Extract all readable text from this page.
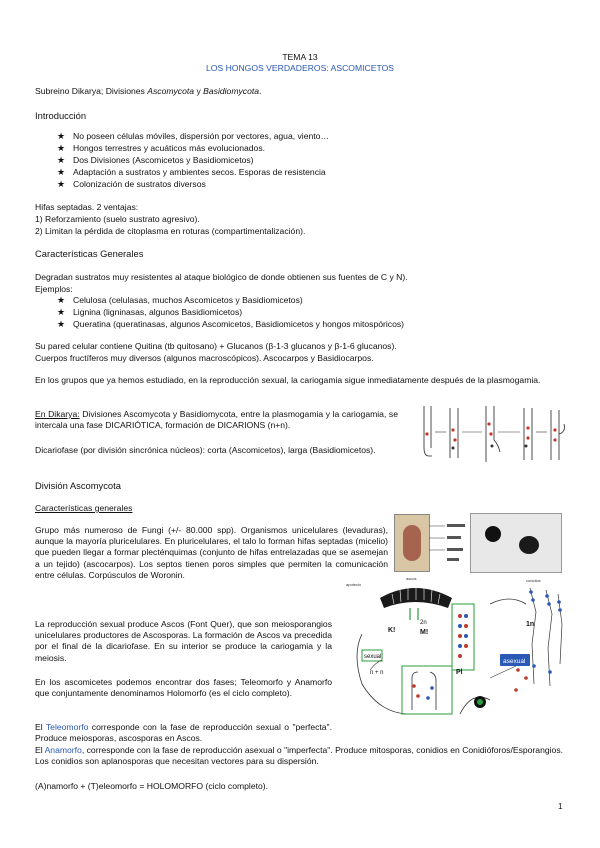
TEMA 13
LOS HONGOS VERDADEROS: ASCOMICETOS
Subreino Dikarya; Divisiones Ascomycota y Basidiomycota.
Introducción
★ No poseen células móviles, dispersión por vectores, agua, viento…
★ Hongos terrestres y acuáticos más evolucionados.
★ Dos Divisiones (Ascomicetos y Basidiomicetos)
★ Adaptación a sustratos y ambientes secos. Esporas de resistencia
★ Colonización de sustratos diversos
Hifas septadas. 2 ventajas:
1) Reforzamiento (suelo sustrato agresivo).
2) Limitan la pérdida de citoplasma en roturas (compartimentalización).
Características Generales
Degradan sustratos muy resistentes al ataque biológico de donde obtienen sus fuentes de C y N).
Ejemplos:
★ Celulosa (celulasas, muchos Ascomicetos y Basidiomicetos)
★ Lignina (ligninasas, algunos Basidiomicetos)
★ Queratina (queratinasas, algunos Ascomicetos, Basidiomicetos y hongos mitospóricos)
Su pared celular contiene Quitina (tb quitosano) + Glucanos (β-1-3 glucanos y β-1-6 glucanos).
Cuerpos fructíferos muy diversos (algunos macroscópicos). Ascocarpos y Basidiocarpos.
En los grupos que ya hemos estudiado, en la reproducción sexual, la cariogamia sigue inmediatamente después de la plasmogamia.
En Dikarya: Divisiones Ascomycota y Basidiomycota, entre la plasmogamia y la cariogamia, se intercala una fase DICARIÓTICA, formación de DICARIONS (n+n).
Dicariofase (por división sincrónica núcleos): corta (Ascomicetos), larga (Basidiomicetos).
División Ascomycota
Características generales
Grupo más numeroso de Fungi (+/- 80.000 spp). Organismos unicelulares (levaduras), aunque la mayoría pluricelulares. En pluricelulares, el talo lo forman hifas septadas (micelio) que pueden llegar a formar plecténquimas (conjunto de hifas entrelazadas que se asemejan a un tejido) (ascocarpos). Los septos tienen poros simples que permiten la comunicación entre células. Corpúsculos de Woronin.
La reproducción sexual produce Ascos (Font Quer), que son meiosporangios unicelulares productores de Ascosporas. La formación de Ascos va precedida por el final de la dicariofase. En su interior se produce la cariogamia y la meiosis.
En los ascomicetes podemos encontrar dos fases; Teleomorfo y Anamorfo que conjuntamente denominamos Holomorfo (es el ciclo completo).
El Teleomorfo corresponde con la fase de reproducción sexual o "perfecta". Produce meiosporas, ascosporas en Ascos.
El Anamorfo, corresponde con la fase de reproducción asexual o "imperfecta". Produce mitosporas, conidios en Conidióforos/Esporangios. Los conidios son aplanosporas que necesitan vectores para su dispersión.
(A)namorfo + (T)eleomorfo = HOLOMORFO (ciclo completo).
1
apotecio
ascos	conidios
K!
2n
M!
1n
n + n
sexual
asexual
Pl
